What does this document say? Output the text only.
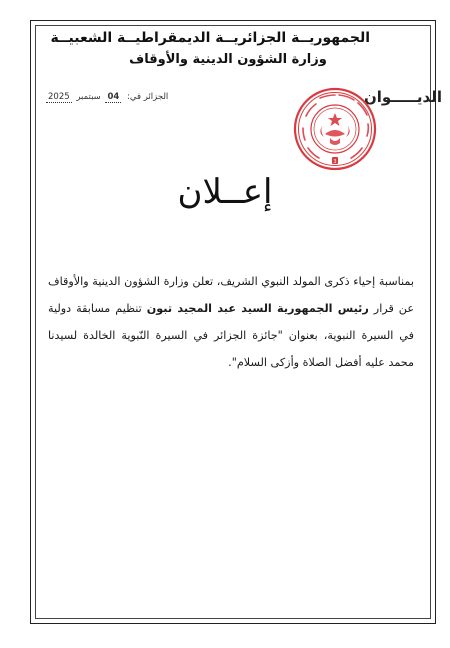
الجمهوريــة الجزائريــة الديمقراطيــة الشعبيــة
وزارة الشؤون الدينية والأوقاف
الديـــــوان
الجزائر في: 04 سبتمبر 2025
3
إعــلان
بمناسبة إحياء ذكرى المولد النبوي الشريف، تعلن وزارة الشؤون الدينية والأوقاف عن قرار رئيس الجمهورية السيد عبد المجيد تبون تنظيم مسابقة دولية في السيرة النبوية، بعنوان "جائزة الجزائر في السيرة النّبوية الخالدة لسيدنا محمد عليه أفضل الصلاة وأزكى السلام".
